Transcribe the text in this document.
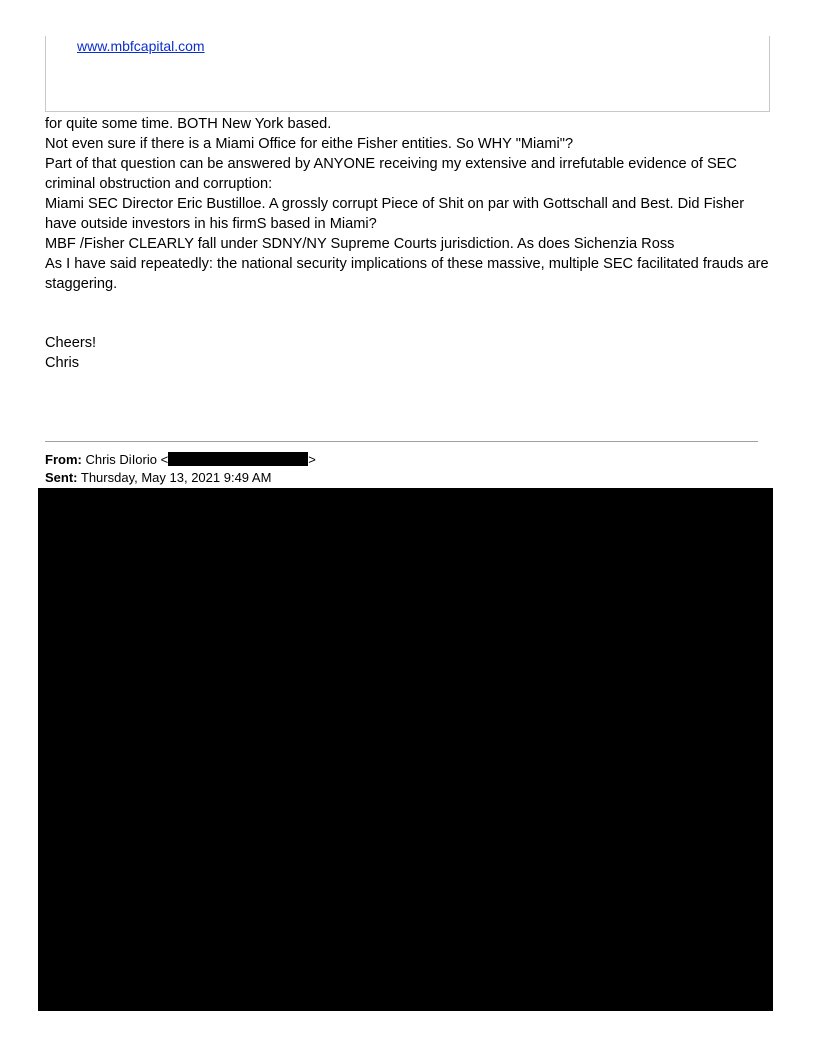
www.mbfcapital.com

for quite some time. BOTH New York based.

Not even sure if there is a Miami Office for eithe Fisher entities. So WHY "Miami"?

Part of that question can be answered by ANYONE receiving my extensive and irrefutable evidence of SEC criminal obstruction and corruption:

Miami SEC Director Eric Bustilloe. A grossly corrupt Piece of Shit on par with Gottschall and Best. Did Fisher have outside investors in his firmS based in Miami?

MBF /Fisher CLEARLY fall under SDNY/NY Supreme Courts jurisdiction. As does Sichenzia Ross

As I have said repeatedly: the national security implications of these massive, multiple SEC facilitated frauds are staggering.

Cheers!

Chris

From: Chris DiIorio <	>
Sent: Thursday, May 13, 2021 9:49 AM
